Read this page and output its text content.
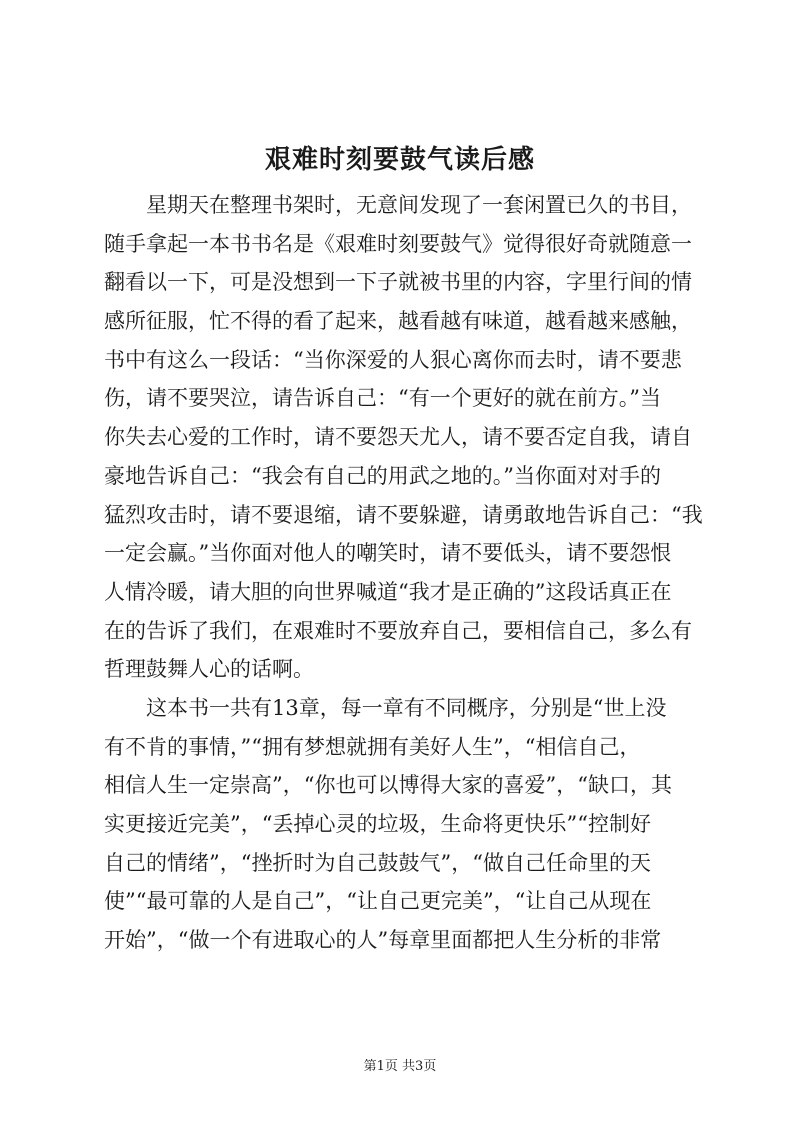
艰难时刻要鼓气读后感
星期天在整理书架时，无意间发现了一套闲置已久的书目，
随手拿起一本书书名是《艰难时刻要鼓气》觉得很好奇就随意一
翻看以一下，可是没想到一下子就被书里的内容，字里行间的情
感所征服，忙不得的看了起来，越看越有味道，越看越来感触，
书中有这么一段话：“当你深爱的人狠心离你而去时，请不要悲
伤，请不要哭泣，请告诉自己：“有一个更好的就在前方。”当
你失去心爱的工作时，请不要怨天尤人，请不要否定自我，请自
豪地告诉自己：“我会有自己的用武之地的。”当你面对对手的
猛烈攻击时，请不要退缩，请不要躲避，请勇敢地告诉自己：“我
一定会赢。”当你面对他人的嘲笑时，请不要低头，请不要怨恨
人情冷暖，请大胆的向世界喊道“我才是正确的”这段话真正在
在的告诉了我们，在艰难时不要放弃自己，要相信自己，多么有
哲理鼓舞人心的话啊。
这本书一共有13章，每一章有不同概序，分别是“世上没
有不肯的事情，”“拥有梦想就拥有美好人生”，“相信自己，
相信人生一定崇高”，“你也可以博得大家的喜爱”，“缺口，其
实更接近完美”，“丢掉心灵的垃圾，生命将更快乐”“控制好
自己的情绪”，“挫折时为自己鼓鼓气”，“做自己任命里的天
使”“最可靠的人是自己”，“让自己更完美”，“让自己从现在
开始”，“做一个有进取心的人”每章里面都把人生分析的非常
第1页 共3页
